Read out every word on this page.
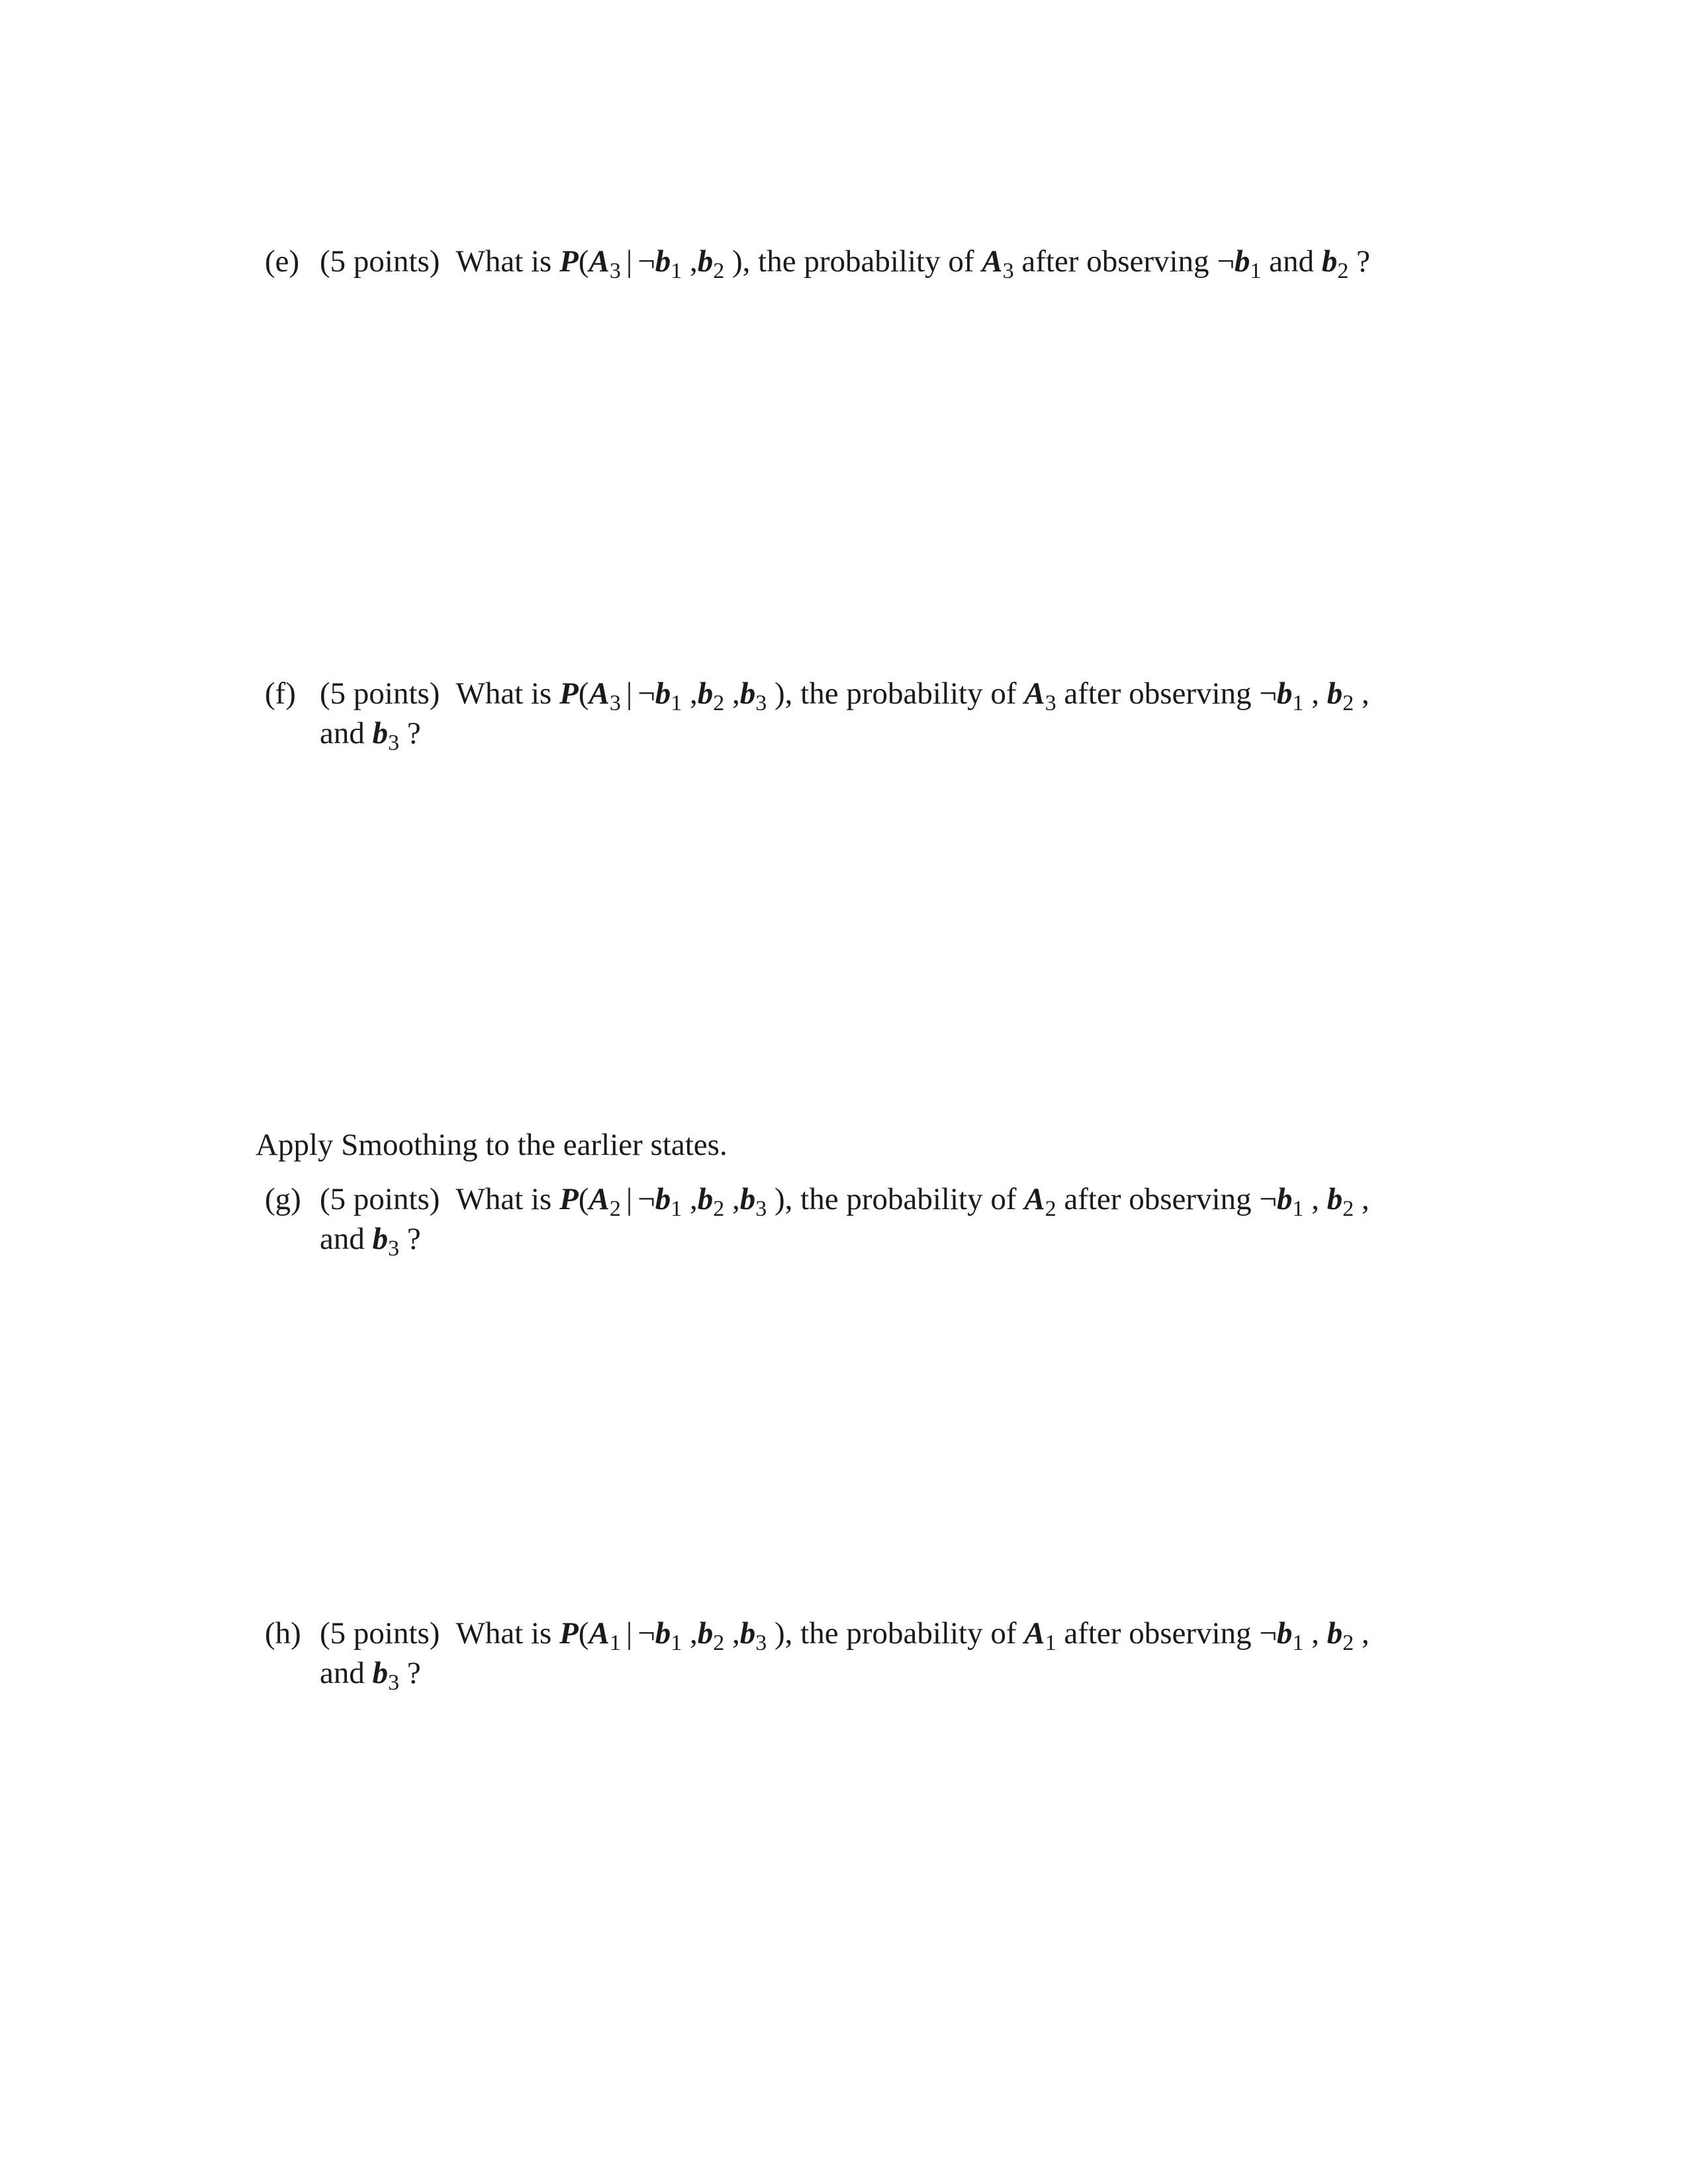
(e) (5 points) What is $P(A_3$ | $\neg b_1$ $,b_2$ ), the probability of $A_3$ after observing $\neg b_1$ and $b_2$ ?
(f) (5 points) What is $P(A_3$ | $\neg b_1$ $,b_2$ $,b_3$ ), the probability of $A_3$ after observing $\neg b_1$ , $b_2$ ,
and $b_3$ ?
Apply Smoothing to the earlier states.
(g) (5 points) What is $P(A_2$ | $\neg b_1$ $,b_2$ $,b_3$ ), the probability of $A_2$ after observing $\neg b_1$ , $b_2$ ,
and $b_3$ ?
(h) (5 points) What is $P(A_1$ | $\neg b_1$ $,b_2$ $,b_3$ ), the probability of $A_1$ after observing $\neg b_1$ , $b_2$ ,
and $b_3$ ?
